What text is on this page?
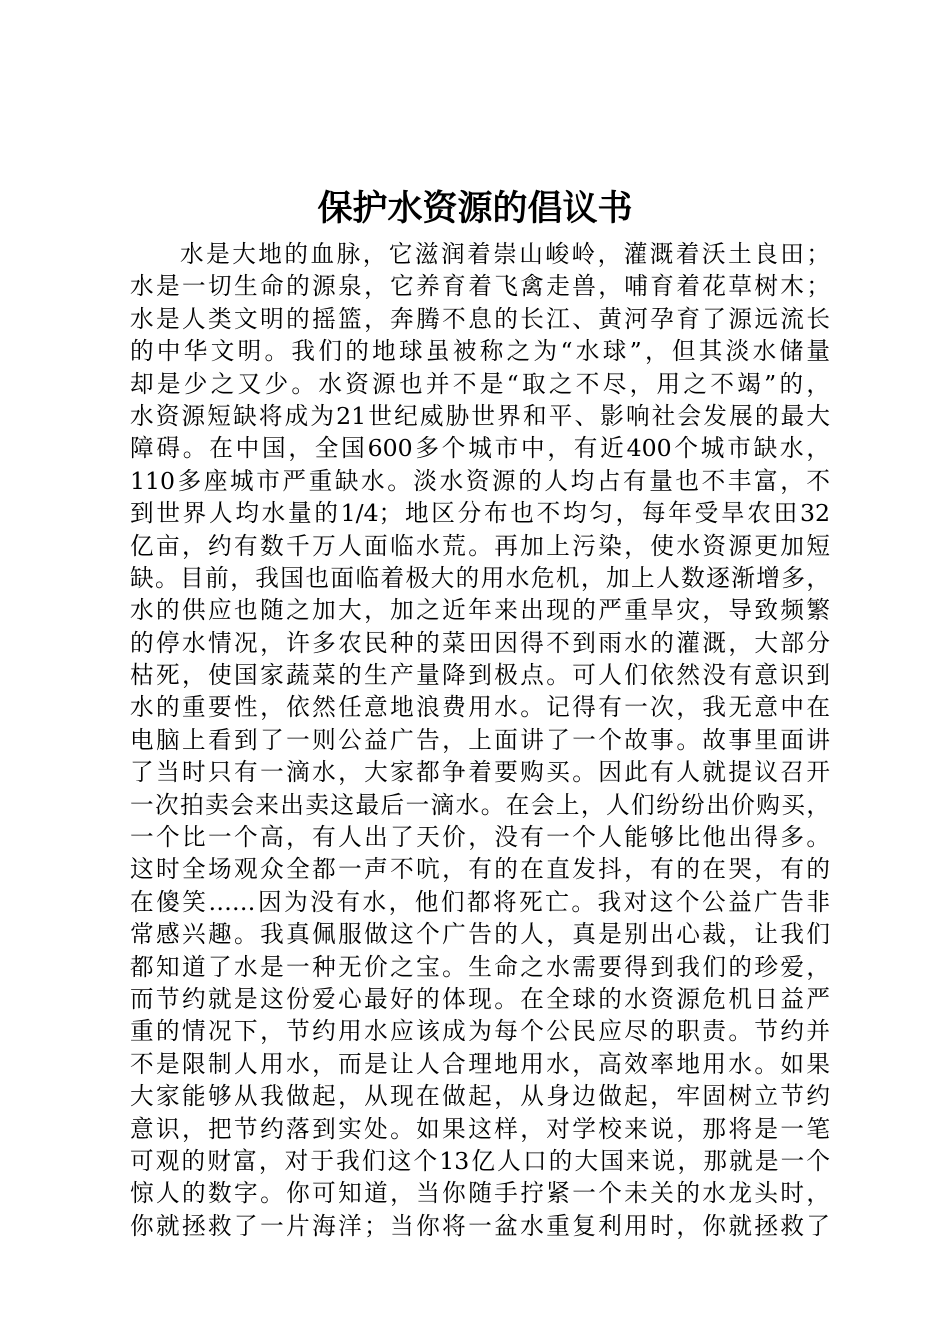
保护水资源的倡议书
水是大地的血脉，它滋润着崇山峻岭，灌溉着沃土良田；
水是一切生命的源泉，它养育着飞禽走兽，哺育着花草树木；
水是人类文明的摇篮，奔腾不息的长江、黄河孕育了源远流长
的中华文明。我们的地球虽被称之为“水球”，但其淡水储量
却是少之又少。水资源也并不是“取之不尽，用之不竭”的，
水资源短缺将成为21世纪威胁世界和平、影响社会发展的最大
障碍。在中国，全国600多个城市中，有近400个城市缺水，
110多座城市严重缺水。淡水资源的人均占有量也不丰富，不
到世界人均水量的1/4；地区分布也不均匀，每年受旱农田32
亿亩，约有数千万人面临水荒。再加上污染，使水资源更加短
缺。目前，我国也面临着极大的用水危机，加上人数逐渐增多，
水的供应也随之加大，加之近年来出现的严重旱灾，导致频繁
的停水情况，许多农民种的菜田因得不到雨水的灌溉，大部分
枯死，使国家蔬菜的生产量降到极点。可人们依然没有意识到
水的重要性，依然任意地浪费用水。记得有一次，我无意中在
电脑上看到了一则公益广告，上面讲了一个故事。故事里面讲
了当时只有一滴水，大家都争着要购买。因此有人就提议召开
一次拍卖会来出卖这最后一滴水。在会上，人们纷纷出价购买，
一个比一个高，有人出了天价，没有一个人能够比他出得多。
这时全场观众全都一声不吭，有的在直发抖，有的在哭，有的
在傻笑……因为没有水，他们都将死亡。我对这个公益广告非
常感兴趣。我真佩服做这个广告的人，真是别出心裁，让我们
都知道了水是一种无价之宝。生命之水需要得到我们的珍爱，
而节约就是这份爱心最好的体现。在全球的水资源危机日益严
重的情况下，节约用水应该成为每个公民应尽的职责。节约并
不是限制人用水，而是让人合理地用水，高效率地用水。如果
大家能够从我做起，从现在做起，从身边做起，牢固树立节约
意识，把节约落到实处。如果这样，对学校来说，那将是一笔
可观的财富，对于我们这个13亿人口的大国来说，那就是一个
惊人的数字。你可知道，当你随手拧紧一个未关的水龙头时，
你就拯救了一片海洋；当你将一盆水重复利用时，你就拯救了
